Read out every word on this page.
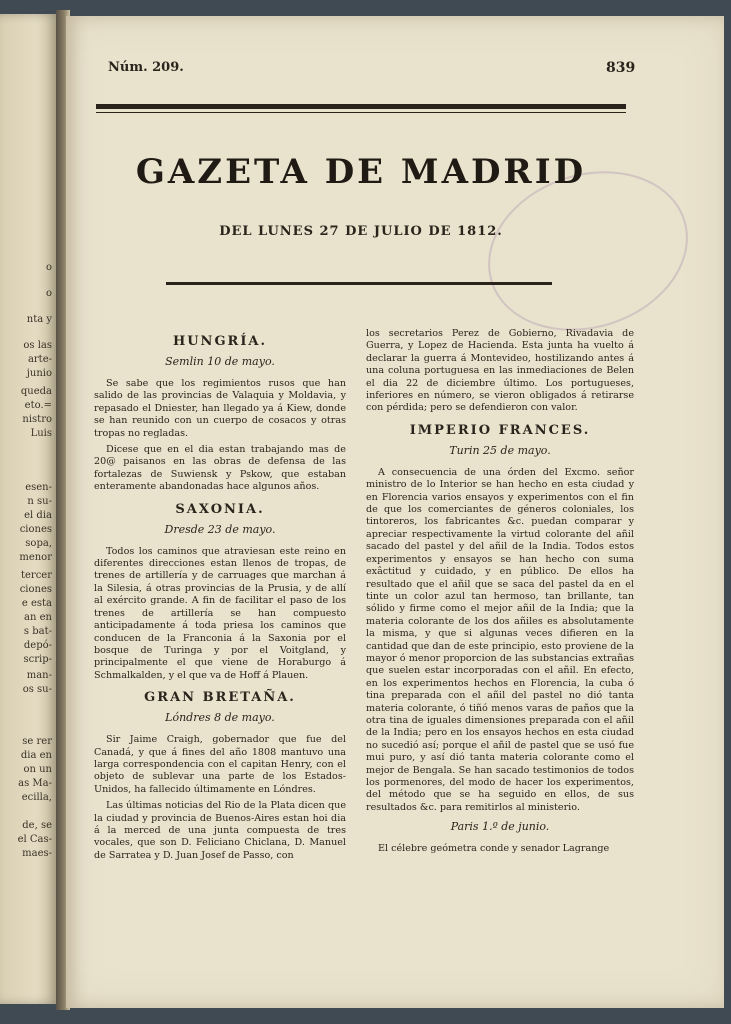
o
o
nta y
os las
arte-
junio
queda
eto.=
nistro
Luis
esen-
n su-
el dia
ciones
sopa,
menor
tercer
ciones
e esta
an en
s bat-
depó-
scrip-
man-
os su-
se rer
dia en
on un
as Ma-
ecilla,
de, se
el Cas-
maes-
Núm. 209.	839
GAZETA DE MADRID
DEL LUNES 27 DE JULIO DE 1812.
HUNGRÍA.
Semlin 10 de mayo.

Se sabe que los regimientos rusos que han salido de las provincias de Valaquia y Moldavia, y repasado el Dniester, han llegado ya á Kiew, donde se han reunido con un cuerpo de cosacos y otras tropas no regladas.

Dicese que en el dia estan trabajando mas de 20@ paisanos en las obras de defensa de las fortalezas de Suwiensk y Pskow, que estaban enteramente abandonadas hace algunos años.

SAXONIA.
Dresde 23 de mayo.

Todos los caminos que atraviesan este reino en diferentes direcciones estan llenos de tropas, de trenes de artillería y de carruages que marchan á la Silesia, á otras provincias de la Prusia, y de allí al exército grande. A fin de facilitar el paso de los trenes de artillería se han compuesto anticipadamente á toda priesa los caminos que conducen de la Franconia á la Saxonia por el bosque de Turinga y por el Voitgland, y principalmente el que viene de Horaburgo á Schmalkalden, y el que va de Hoff á Plauen.

GRAN BRETAÑA.
Lóndres 8 de mayo.

Sir Jaime Craigh, gobernador que fue del Canadá, y que á fines del año 1808 mantuvo una larga correspondencia con el capitan Henry, con el objeto de sublevar una parte de los Estados-Unidos, ha fallecido últimamente en Lóndres.

Las últimas noticias del Rio de la Plata dicen que la ciudad y provincia de Buenos-Aires estan hoi dia á la merced de una junta compuesta de tres vocales, que son D. Feliciano Chiclana, D. Manuel de Sarratea y D. Juan Josef de Passo, con

los secretarios Perez de Gobierno, Rivadavia de Guerra, y Lopez de Hacienda. Esta junta ha vuelto á declarar la guerra á Montevideo, hostilizando antes á una coluna portuguesa en las inmediaciones de Belen el dia 22 de diciembre último. Los portugueses, inferiores en número, se vieron obligados á retirarse con pérdida; pero se defendieron con valor.

IMPERIO FRANCES.
Turin 25 de mayo.

A consecuencia de una órden del Excmo. señor ministro de lo Interior se han hecho en esta ciudad y en Florencia varios ensayos y experimentos con el fin de que los comerciantes de géneros coloniales, los tintoreros, los fabricantes &c. puedan comparar y apreciar respectivamente la virtud colorante del añil sacado del pastel y del añil de la India. Todos estos experimentos y ensayos se han hecho con suma exâctitud y cuidado, y en público. De ellos ha resultado que el añil que se saca del pastel da en el tinte un color azul tan hermoso, tan brillante, tan sólido y firme como el mejor añil de la India; que la materia colorante de los dos añiles es absolutamente la misma, y que si algunas veces difieren en la cantidad que dan de este principio, esto proviene de la mayor ó menor proporcion de las substancias extrañas que suelen estar incorporadas con el añil. En efecto, en los experimentos hechos en Florencia, la cuba ó tina preparada con el añil del pastel no dió tanta materia colorante, ó tiñó menos varas de paños que la otra tina de iguales dimensiones preparada con el añil de la India; pero en los ensayos hechos en esta ciudad no sucedió así; porque el añil de pastel que se usó fue mui puro, y así dió tanta materia colorante como el mejor de Bengala. Se han sacado testimonios de todos los pormenores, del modo de hacer los experimentos, del método que se ha seguido en ellos, de sus resultados &c. para remitirlos al ministerio.

Paris 1.º de junio.

El célebre geómetra conde y senador Lagrange
